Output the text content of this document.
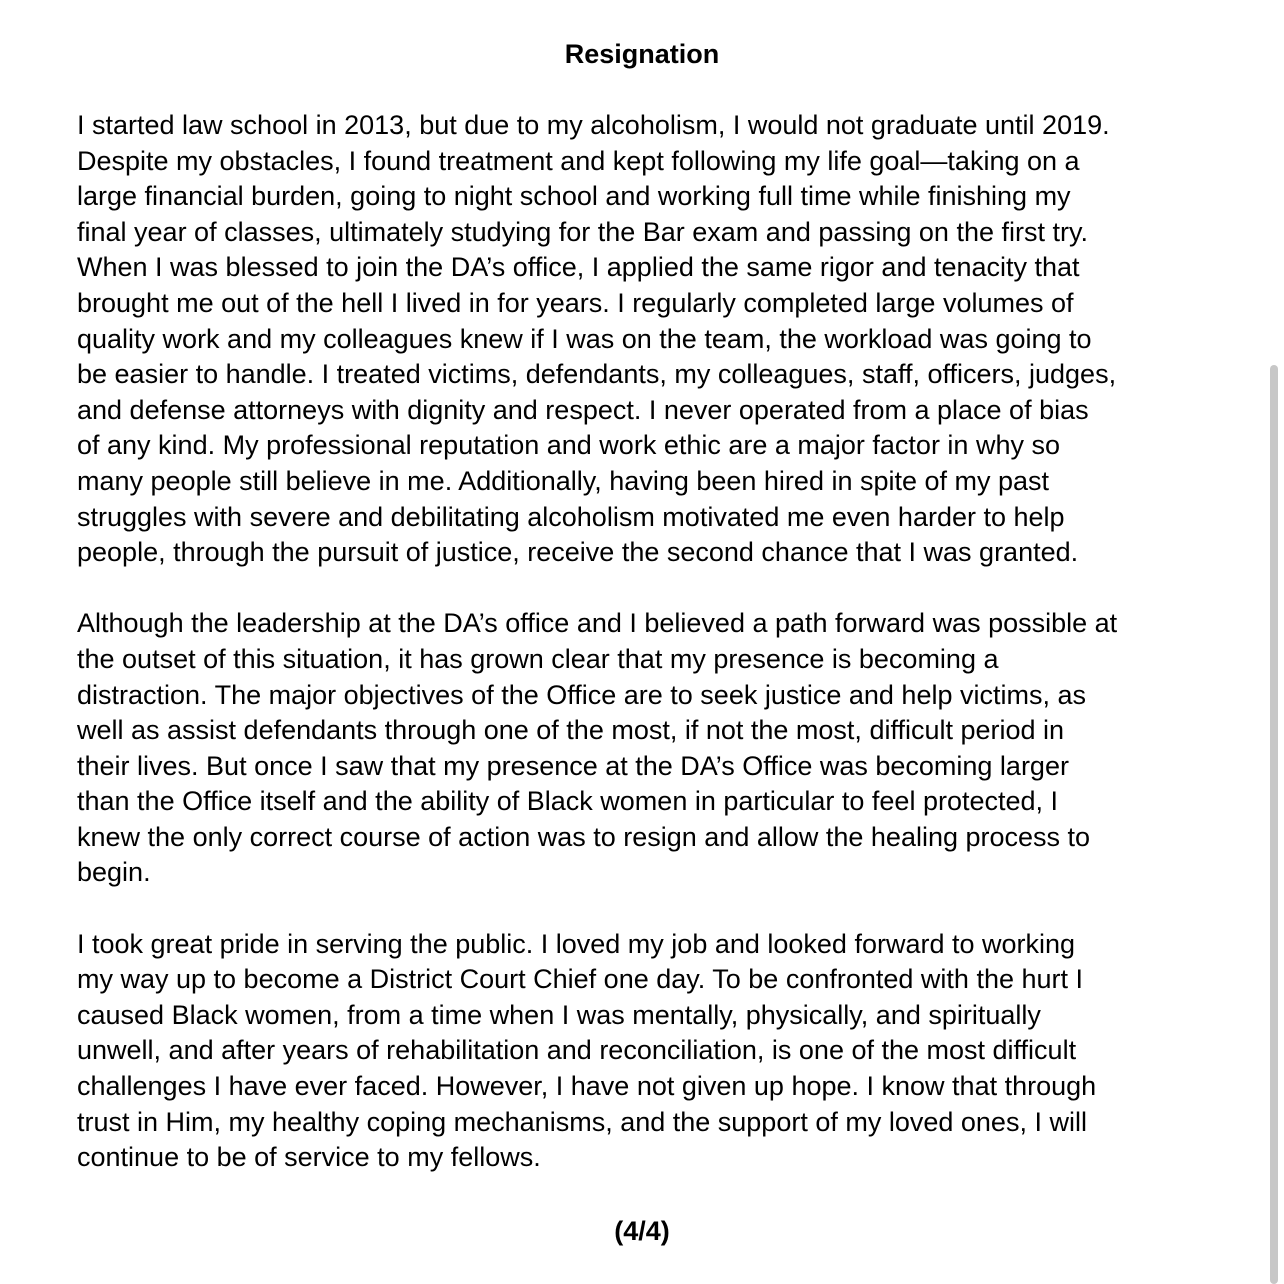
Resignation

I started law school in 2013, but due to my alcoholism, I would not graduate until 2019.
Despite my obstacles, I found treatment and kept following my life goal—taking on a
large financial burden, going to night school and working full time while finishing my
final year of classes, ultimately studying for the Bar exam and passing on the first try.
When I was blessed to join the DA’s office, I applied the same rigor and tenacity that
brought me out of the hell I lived in for years. I regularly completed large volumes of
quality work and my colleagues knew if I was on the team, the workload was going to
be easier to handle. I treated victims, defendants, my colleagues, staff, officers, judges,
and defense attorneys with dignity and respect. I never operated from a place of bias
of any kind. My professional reputation and work ethic are a major factor in why so
many people still believe in me. Additionally, having been hired in spite of my past
struggles with severe and debilitating alcoholism motivated me even harder to help
people, through the pursuit of justice, receive the second chance that I was granted.

Although the leadership at the DA’s office and I believed a path forward was possible at
the outset of this situation, it has grown clear that my presence is becoming a
distraction. The major objectives of the Office are to seek justice and help victims, as
well as assist defendants through one of the most, if not the most, difficult period in
their lives. But once I saw that my presence at the DA’s Office was becoming larger
than the Office itself and the ability of Black women in particular to feel protected, I
knew the only correct course of action was to resign and allow the healing process to
begin.

I took great pride in serving the public. I loved my job and looked forward to working
my way up to become a District Court Chief one day. To be confronted with the hurt I
caused Black women, from a time when I was mentally, physically, and spiritually
unwell, and after years of rehabilitation and reconciliation, is one of the most difficult
challenges I have ever faced. However, I have not given up hope. I know that through
trust in Him, my healthy coping mechanisms, and the support of my loved ones, I will
continue to be of service to my fellows.

(4/4)
